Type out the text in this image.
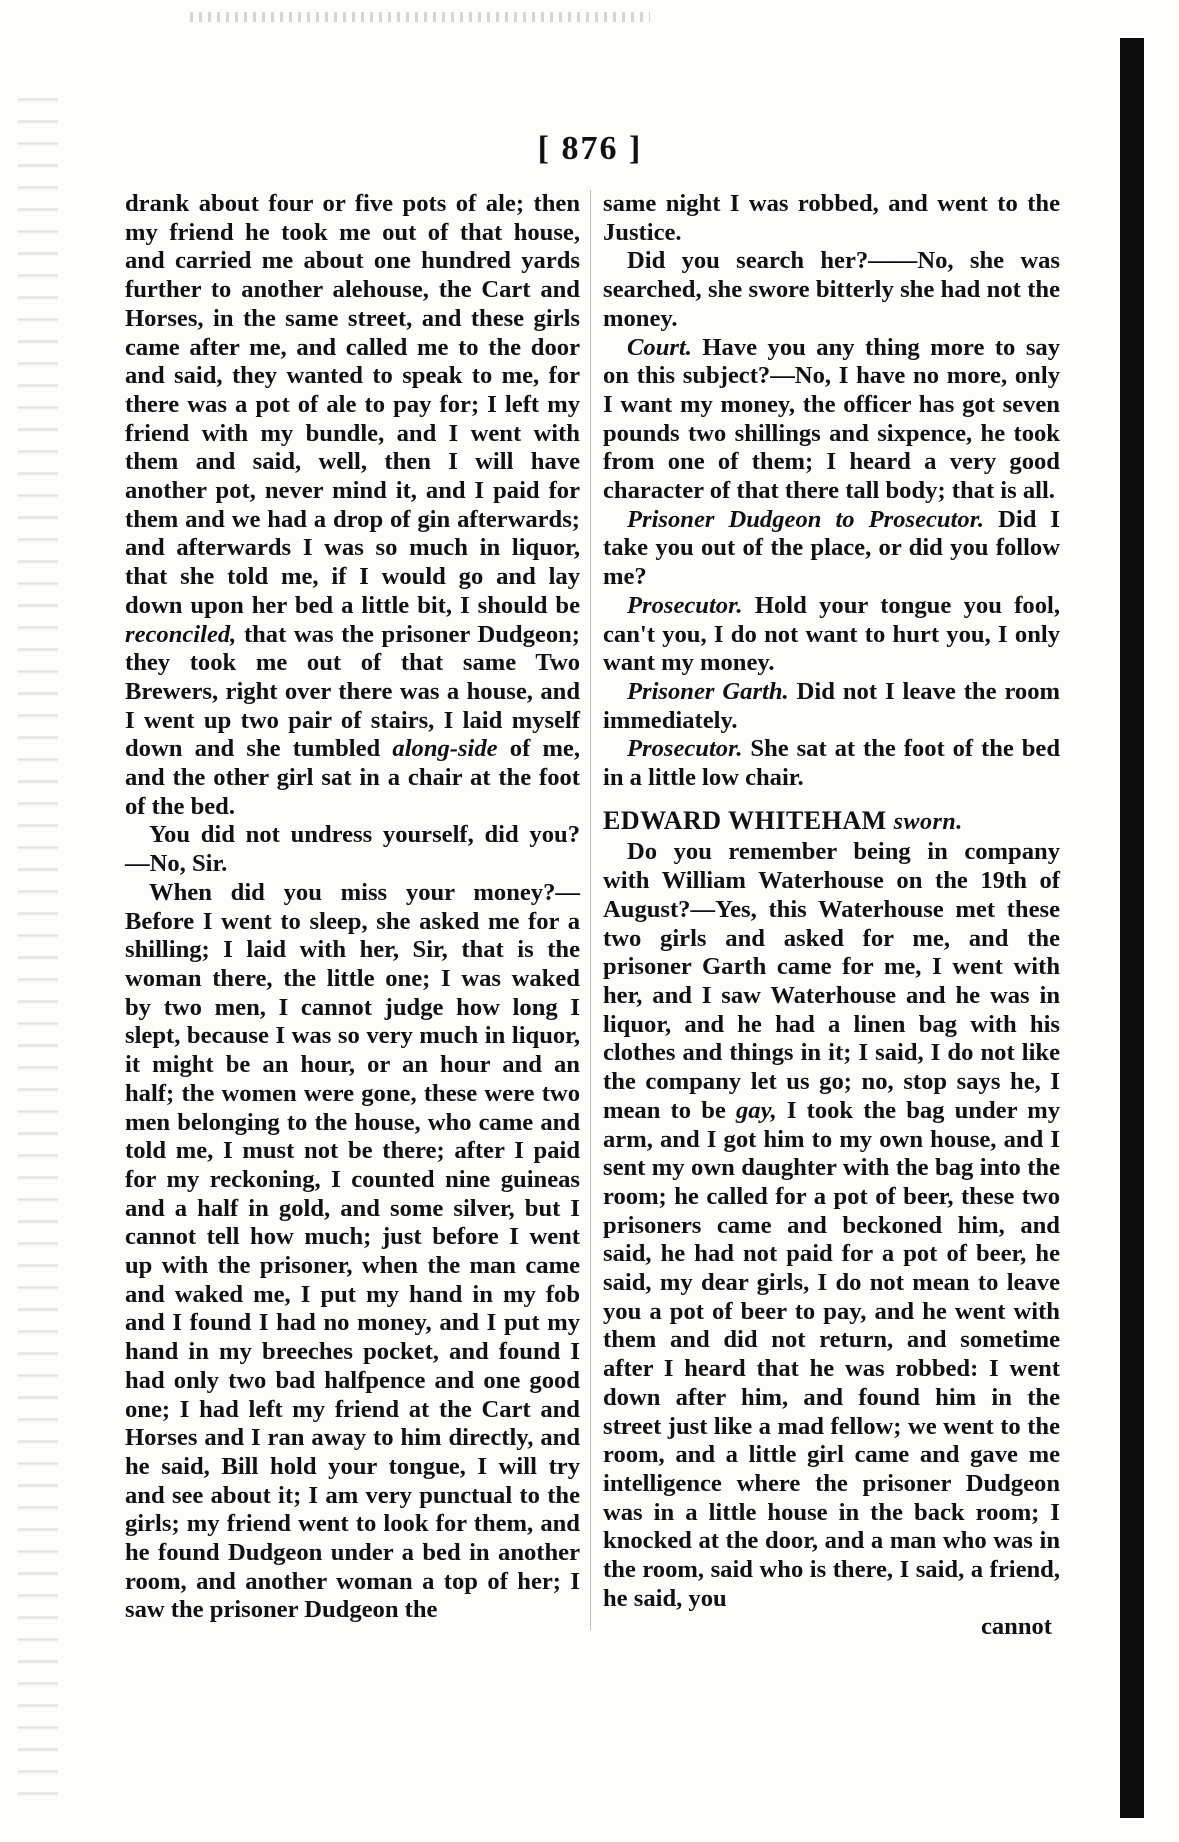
[ 876 ]

drank about four or five pots of ale; then my friend he took me out of that house, and carried me about one hundred yards further to another alehouse, the Cart and Horses, in the same street, and these girls came after me, and called me to the door and said, they wanted to speak to me, for there was a pot of ale to pay for; I left my friend with my bundle, and I went with them and said, well, then I will have another pot, never mind it, and I paid for them and we had a drop of gin afterwards; and afterwards I was so much in liquor, that she told me, if I would go and lay down upon her bed a little bit, I should be reconciled, that was the prisoner Dudgeon; they took me out of that same Two Brewers, right over there was a house, and I went up two pair of stairs, I laid myself down and she tumbled along-side of me, and the other girl sat in a chair at the foot of the bed.

You did not undress yourself, did you? —No, Sir.

When did you miss your money?—Before I went to sleep, she asked me for a shilling; I laid with her, Sir, that is the woman there, the little one; I was waked by two men, I cannot judge how long I slept, because I was so very much in liquor, it might be an hour, or an hour and an half; the women were gone, these were two men belonging to the house, who came and told me, I must not be there; after I paid for my reckoning, I counted nine guineas and a half in gold, and some silver, but I cannot tell how much; just before I went up with the prisoner, when the man came and waked me, I put my hand in my fob and I found I had no money, and I put my hand in my breeches pocket, and found I had only two bad halfpence and one good one; I had left my friend at the Cart and Horses and I ran away to him directly, and he said, Bill hold your tongue, I will try and see about it; I am very punctual to the girls; my friend went to look for them, and he found Dudgeon under a bed in another room, and another woman a top of her; I saw the prisoner Dudgeon the

same night I was robbed, and went to the Justice.

Did you search her?——No, she was searched, she swore bitterly she had not the money.

Court. Have you any thing more to say on this subject?—No, I have no more, only I want my money, the officer has got seven pounds two shillings and sixpence, he took from one of them; I heard a very good character of that there tall body; that is all.

Prisoner Dudgeon to Prosecutor. Did I take you out of the place, or did you follow me?

Prosecutor. Hold your tongue you fool, can't you, I do not want to hurt you, I only want my money.

Prisoner Garth. Did not I leave the room immediately.

Prosecutor. She sat at the foot of the bed in a little low chair.

EDWARD WHITEHAM sworn.

Do you remember being in company with William Waterhouse on the 19th of August?—Yes, this Waterhouse met these two girls and asked for me, and the prisoner Garth came for me, I went with her, and I saw Waterhouse and he was in liquor, and he had a linen bag with his clothes and things in it; I said, I do not like the company let us go; no, stop says he, I mean to be gay, I took the bag under my arm, and I got him to my own house, and I sent my own daughter with the bag into the room; he called for a pot of beer, these two prisoners came and beckoned him, and said, he had not paid for a pot of beer, he said, my dear girls, I do not mean to leave you a pot of beer to pay, and he went with them and did not return, and sometime after I heard that he was robbed: I went down after him, and found him in the street just like a mad fellow; we went to the room, and a little girl came and gave me intelligence where the prisoner Dudgeon was in a little house in the back room; I knocked at the door, and a man who was in the room, said who is there, I said, a friend, he said, you

cannot
